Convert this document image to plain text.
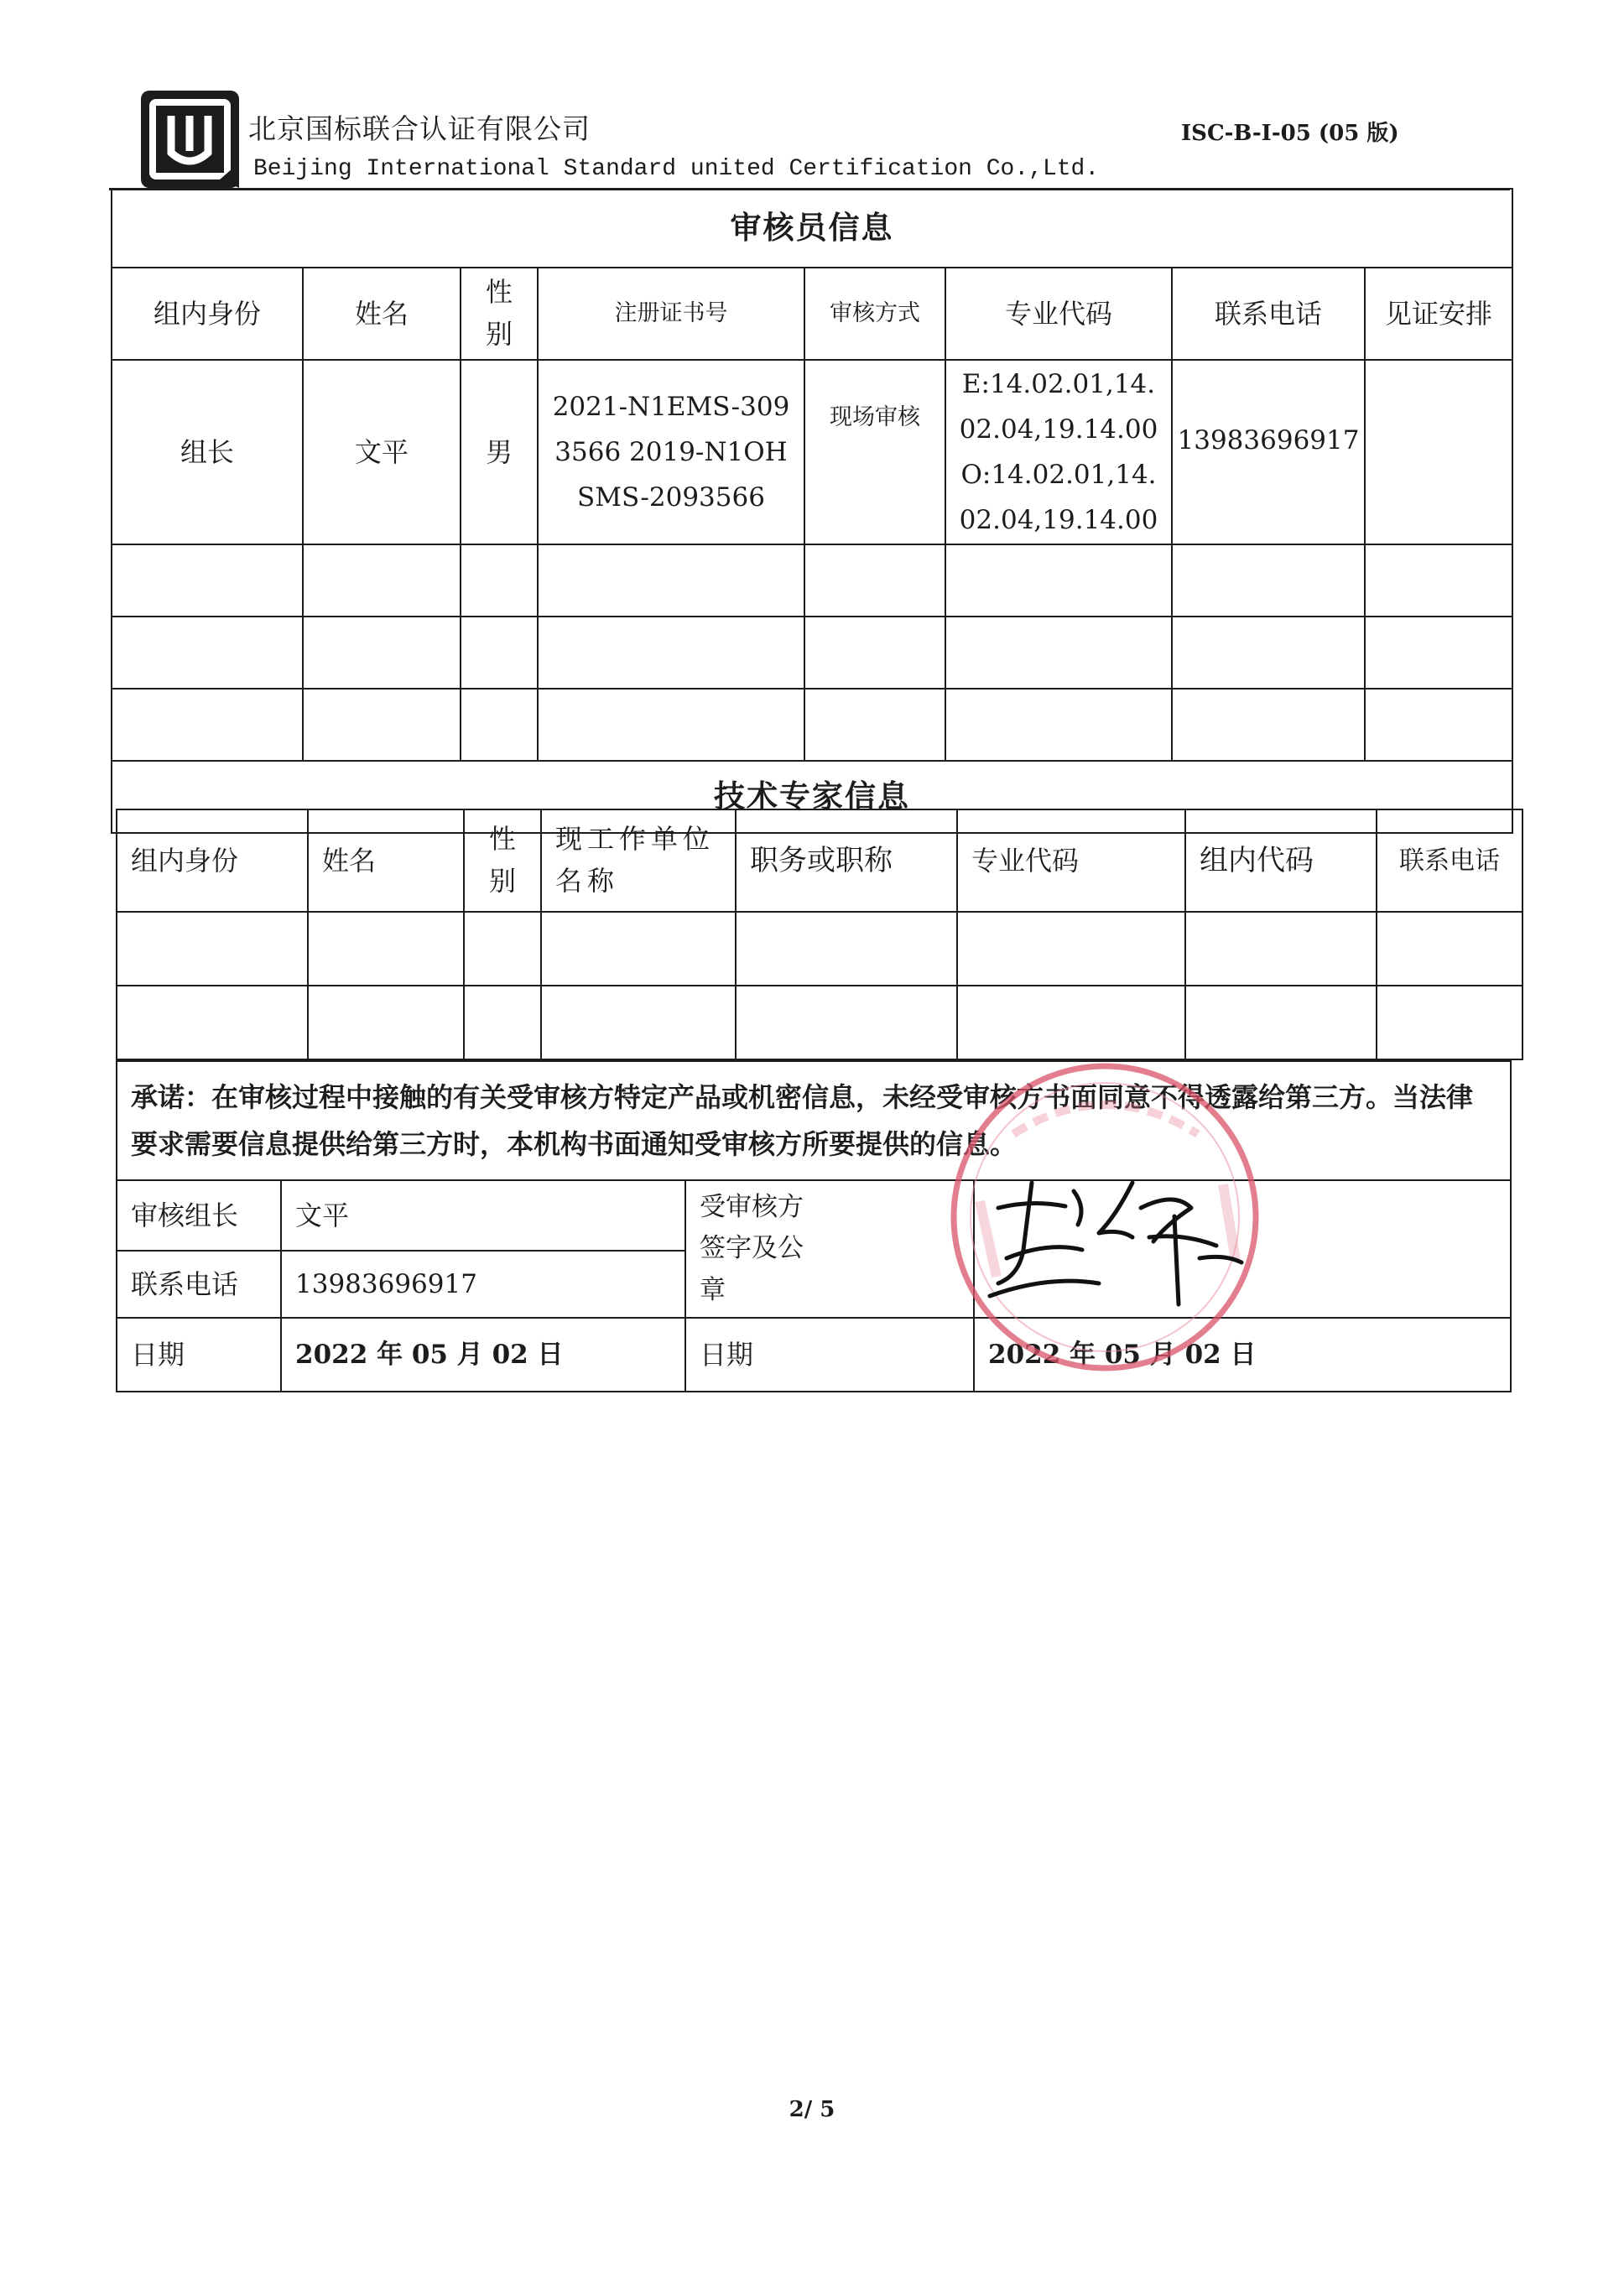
北京国标联合认证有限公司
Beijing International Standard united Certification Co.,Ltd.
ISC-B-I-05 (05 版)
审核员信息							
组内身份	姓名	性别	注册证书号	审核方式	专业代码	联系电话	见证安排
组长	文平	男	2021-N1EMS-3093566 2019-N1OHSMS-2093566	现场审核	E:14.02.01,14.02.04,19.14.00 O:14.02.01,14.02.04,19.14.00	13983696917	

技术专家信息							
组内身份	姓名	性别	现工作单位名称	职务或职称	专业代码	组内代码	联系电话

承诺：在审核过程中接触的有关受审核方特定产品或机密信息，未经受审核方书面同意不得透露给第三方。当法律要求需要信息提供给第三方时，本机构书面通知受审核方所要提供的信息。			
审核组长	文平	受审核方签字及公章	
联系电话	13983696917		
日期	2022 年 05 月 02 日	日期	2022 年 05 月 02 日
2/ 5
